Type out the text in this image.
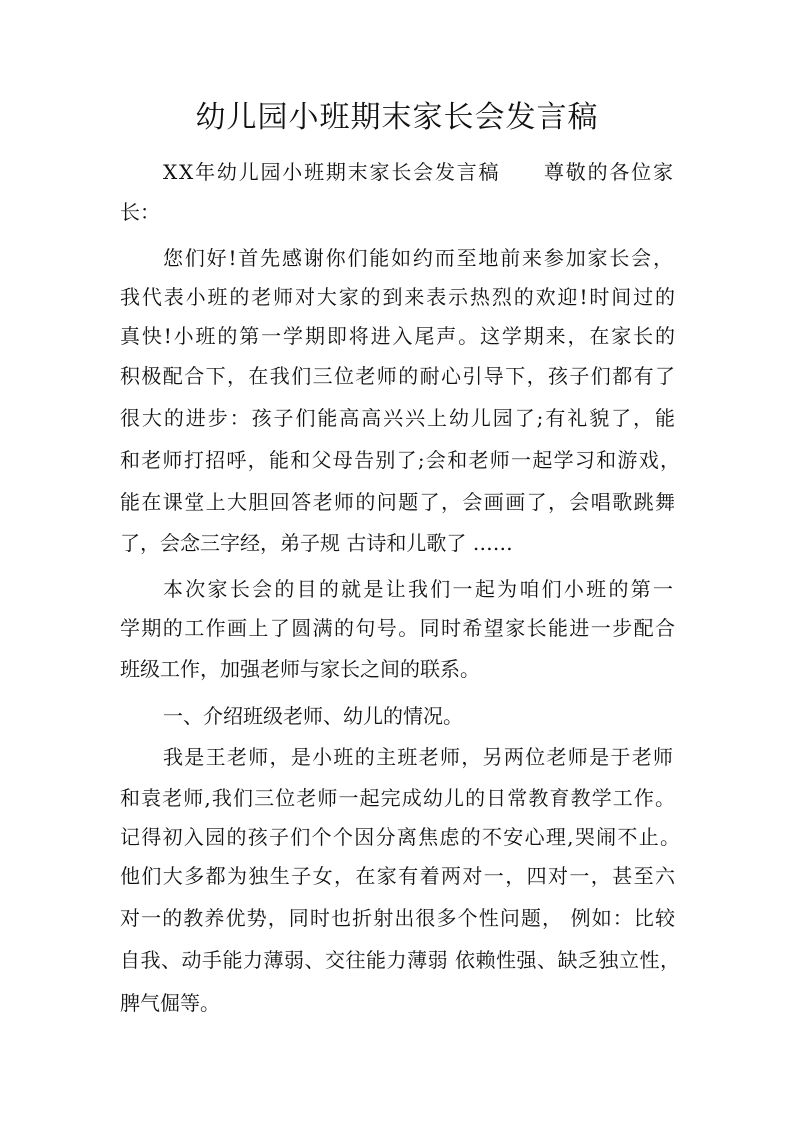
幼儿园小班期末家长会发言稿

XX年幼儿园小班期末家长会发言稿　　尊敬的各位家

长：

您们好!首先感谢你们能如约而至地前来参加家长会，

我代表小班的老师对大家的到来表示热烈的欢迎!时间过的

真快!小班的第一学期即将进入尾声。这学期来，在家长的

积极配合下，在我们三位老师的耐心引导下，孩子们都有了

很大的进步：孩子们能高高兴兴上幼儿园了;有礼貌了，能

和老师打招呼，能和父母告别了;会和老师一起学习和游戏，

能在课堂上大胆回答老师的问题了，会画画了，会唱歌跳舞

了，会念三字经，弟子规 古诗和儿歌了 ……

本次家长会的目的就是让我们一起为咱们小班的第一

学期的工作画上了圆满的句号。同时希望家长能进一步配合

班级工作，加强老师与家长之间的联系。

一、介绍班级老师、幼儿的情况。

我是王老师，是小班的主班老师，另两位老师是于老师

和袁老师,我们三位老师一起完成幼儿的日常教育教学工作。

记得初入园的孩子们个个因分离焦虑的不安心理,哭闹不止。

他们大多都为独生子女，在家有着两对一，四对一，甚至六

对一的教养优势，同时也折射出很多个性问题， 例如：比较

自我、动手能力薄弱、交往能力薄弱 依赖性强、缺乏独立性，

脾气倔等。
